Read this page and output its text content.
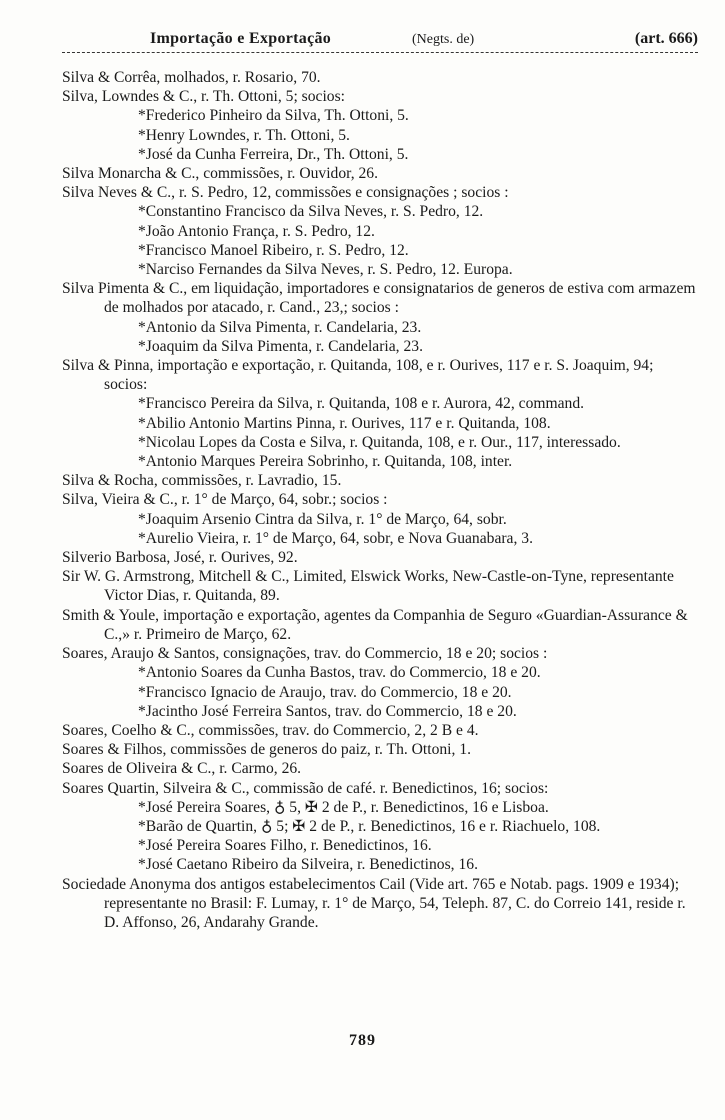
Importação e Exportação	(Negts. de)	(art. 666)

Silva & Corrêa, molhados, r. Rosario, 70.

Silva, Lowndes & C., r. Th. Ottoni, 5; socios:

*Frederico Pinheiro da Silva, Th. Ottoni, 5.

*Henry Lowndes, r. Th. Ottoni, 5.

*José da Cunha Ferreira, Dr., Th. Ottoni, 5.

Silva Monarcha & C., commissões, r. Ouvidor, 26.

Silva Neves & C., r. S. Pedro, 12, commissões e consignações ; socios :

*Constantino Francisco da Silva Neves, r. S. Pedro, 12.

*João Antonio França, r. S. Pedro, 12.

*Francisco Manoel Ribeiro, r. S. Pedro, 12.

*Narciso Fernandes da Silva Neves, r. S. Pedro, 12. Europa.

Silva Pimenta & C., em liquidação, importadores e consignatarios de generos de estiva com armazem de molhados por atacado, r. Cand., 23,; socios :

*Antonio da Silva Pimenta, r. Candelaria, 23.

*Joaquim da Silva Pimenta, r. Candelaria, 23.

Silva & Pinna, importação e exportação, r. Quitanda, 108, e r. Ourives, 117 e r. S. Joaquim, 94; socios:

*Francisco Pereira da Silva, r. Quitanda, 108 e r. Aurora, 42, command.

*Abilio Antonio Martins Pinna, r. Ourives, 117 e r. Quitanda, 108.

*Nicolau Lopes da Costa e Silva, r. Quitanda, 108, e r. Our., 117, interessado.

*Antonio Marques Pereira Sobrinho, r. Quitanda, 108, inter.

Silva & Rocha, commissões, r. Lavradio, 15.

Silva, Vieira & C., r. 1° de Março, 64, sobr.; socios :

*Joaquim Arsenio Cintra da Silva, r. 1° de Março, 64, sobr.

*Aurelio Vieira, r. 1° de Março, 64, sobr, e Nova Guanabara, 3.

Silverio Barbosa, José, r. Ourives, 92.

Sir W. G. Armstrong, Mitchell & C., Limited, Elswick Works, New-Castle-on-Tyne, representante Victor Dias, r. Quitanda, 89.

Smith & Youle, importação e exportação, agentes da Companhia de Seguro «Guardian-Assurance & C.,» r. Primeiro de Março, 62.

Soares, Araujo & Santos, consignações, trav. do Commercio, 18 e 20; socios :

*Antonio Soares da Cunha Bastos, trav. do Commercio, 18 e 20.

*Francisco Ignacio de Araujo, trav. do Commercio, 18 e 20.

*Jacintho José Ferreira Santos, trav. do Commercio, 18 e 20.

Soares, Coelho & C., commissões, trav. do Commercio, 2, 2 B e 4.

Soares & Filhos, commissões de generos do paiz, r. Th. Ottoni, 1.

Soares de Oliveira & C., r. Carmo, 26.

Soares Quartin, Silveira & C., commissão de café. r. Benedictinos, 16; socios:

*José Pereira Soares, ♁ 5, ✠ 2 de P., r. Benedictinos, 16 e Lisboa.

*Barão de Quartin, ♁ 5; ✠ 2 de P., r. Benedictinos, 16 e r. Riachuelo, 108.

*José Pereira Soares Filho, r. Benedictinos, 16.

*José Caetano Ribeiro da Silveira, r. Benedictinos, 16.

Sociedade Anonyma dos antigos estabelecimentos Cail (Vide art. 765 e Notab. pags. 1909 e 1934); representante no Brasil: F. Lumay, r. 1° de Março, 54, Teleph. 87, C. do Correio 141, reside r. D. Affonso, 26, Andarahy Grande.

789
